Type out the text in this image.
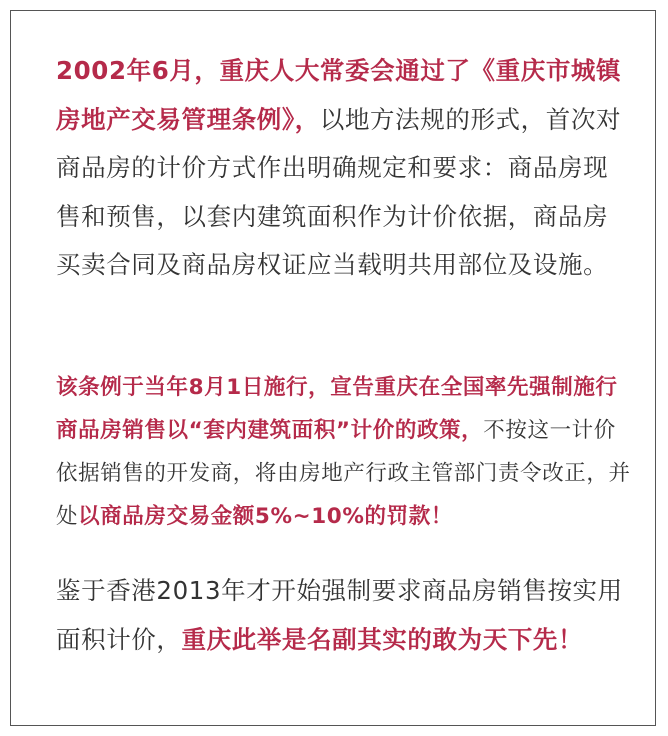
2002年6月，重庆人大常委会通过了《重庆市城镇房地产交易管理条例》，以地方法规的形式，首次对商品房的计价方式作出明确规定和要求：商品房现售和预售，以套内建筑面积作为计价依据，商品房买卖合同及商品房权证应当载明共用部位及设施。

该条例于当年8月1日施行，宣告重庆在全国率先强制施行商品房销售以“套内建筑面积”计价的政策，不按这一计价依据销售的开发商，将由房地产行政主管部门责令改正，并处以商品房交易金额5%~10%的罚款！

鉴于香港2013年才开始强制要求商品房销售按实用面积计价，重庆此举是名副其实的敢为天下先！
